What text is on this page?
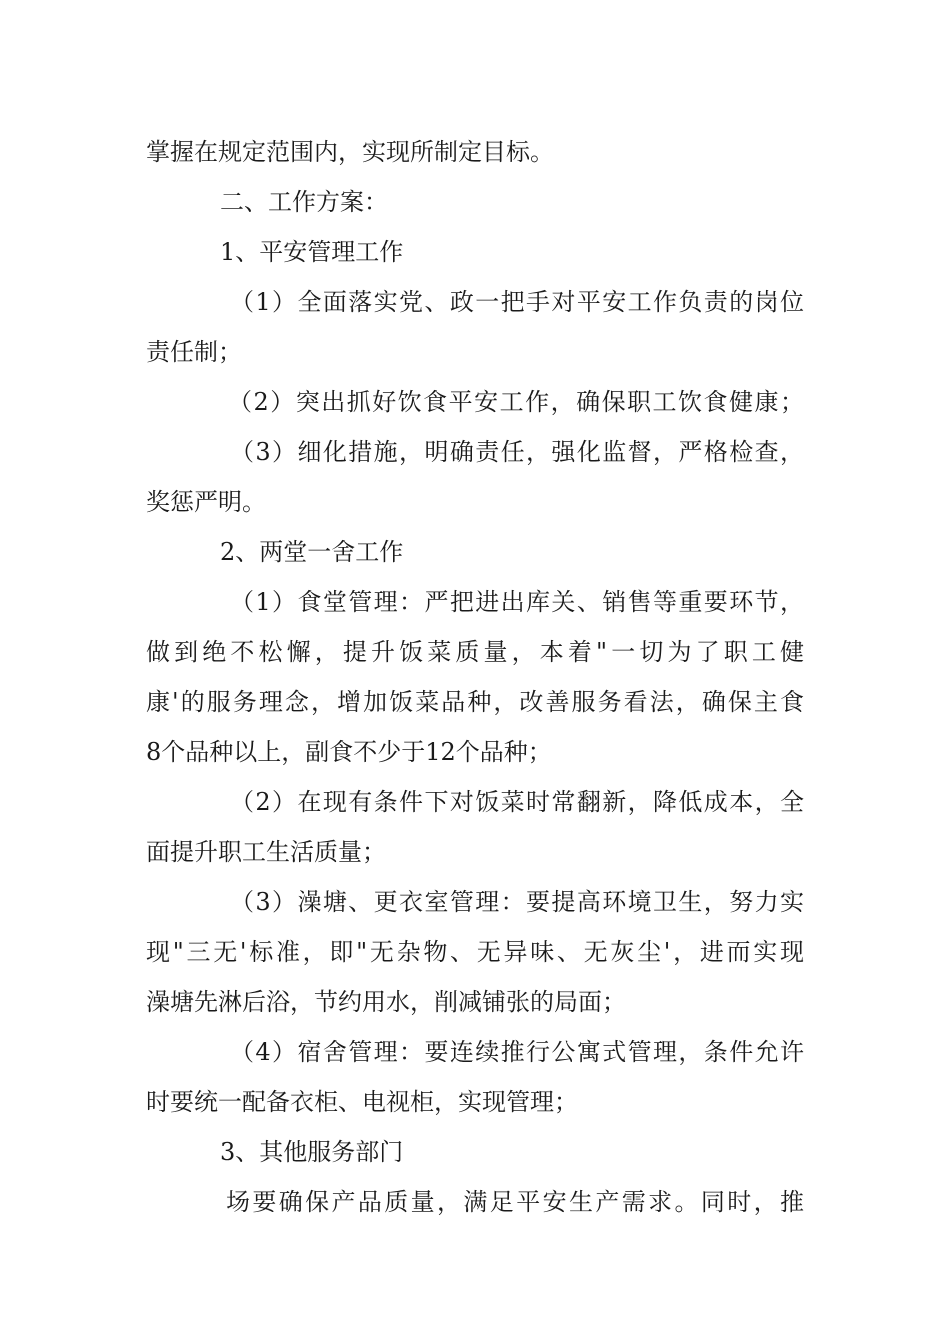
掌握在规定范围内，实现所制定目标。
二、工作方案：
1、平安管理工作
（1）全面落实党、政一把手对平安工作负责的岗位
责任制；
（2）突出抓好饮食平安工作，确保职工饮食健康；
（3）细化措施，明确责任，强化监督，严格检查，
奖惩严明。
2、两堂一舍工作
（1）食堂管理：严把进出库关、销售等重要环节，
做到绝不松懈，提升饭菜质量，本着"一切为了职工健
康'的服务理念，增加饭菜品种，改善服务看法，确保主食
8个品种以上，副食不少于12个品种；
（2）在现有条件下对饭菜时常翻新，降低成本，全
面提升职工生活质量；
（3）澡塘、更衣室管理：要提高环境卫生，努力实
现"三无'标准，即"无杂物、无异味、无灰尘'，进而实现
澡塘先淋后浴，节约用水，削减铺张的局面；
（4）宿舍管理：要连续推行公寓式管理，条件允许
时要统一配备衣柜、电视柜，实现管理；
3、其他服务部门
场要确保产品质量，满足平安生产需求。同时，推
